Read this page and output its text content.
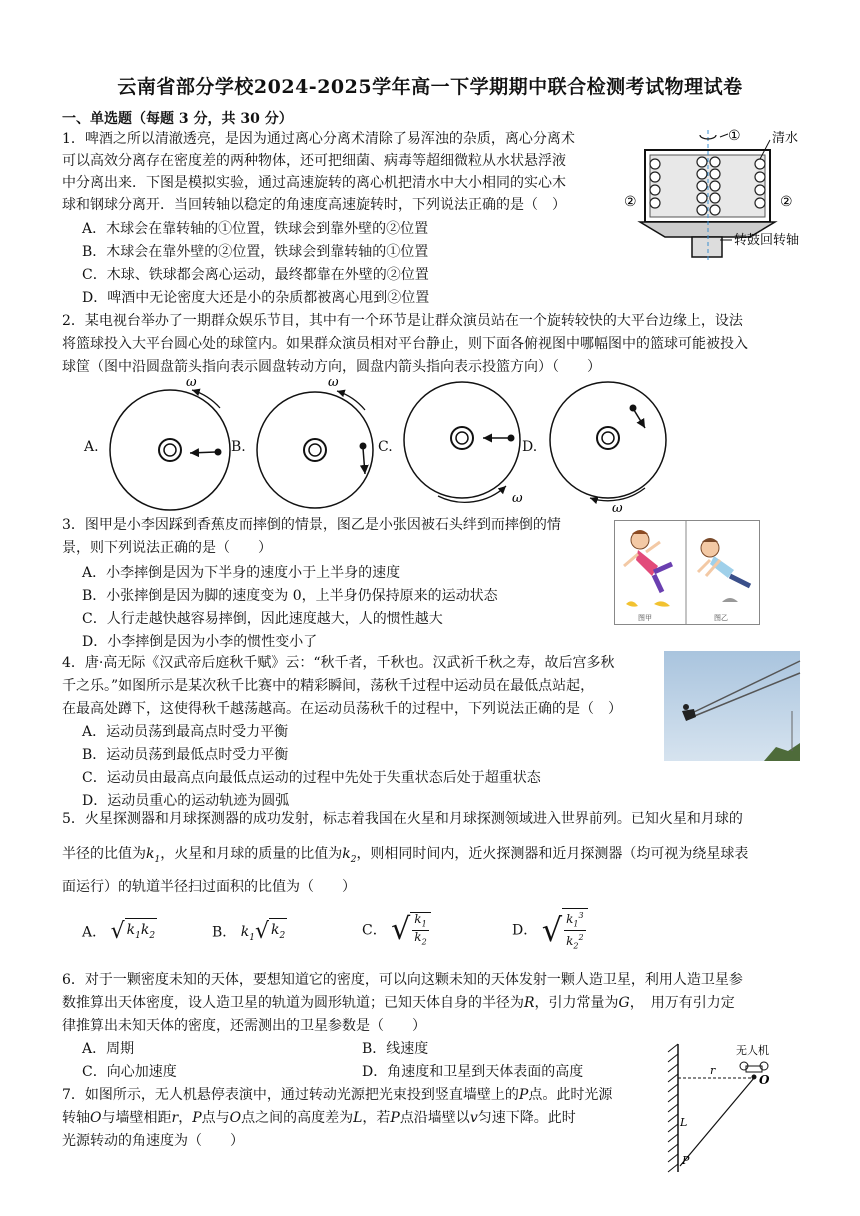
云南省部分学校2024-2025学年高一下学期期中联合检测考试物理试卷
一、单选题（每题 3 分，共 30 分）
1．啤酒之所以清澈透亮，是因为通过离心分离术清除了易浑浊的杂质，离心分离术
可以高效分离存在密度差的两种物体，还可把细菌、病毒等超细微粒从水状悬浮液
中分离出来．下图是模拟实验，通过高速旋转的离心机把清水中大小相同的实心木
球和钢球分离开．当回转轴以稳定的角速度高速旋转时，下列说法正确的是（　）
A．木球会在靠转轴的①位置，铁球会到靠外壁的②位置
B．木球会在靠外壁的②位置，铁球会到靠转轴的①位置
C．木球、铁球都会离心运动，最终都靠在外壁的②位置
D．啤酒中无论密度大还是小的杂质都被离心甩到②位置
① 清水
②	②
转鼓回转轴
2．某电视台举办了一期群众娱乐节目，其中有一个环节是让群众演员站在一个旋转较快的大平台边缘上，设法
将篮球投入大平台圆心处的球筐内。如果群众演员相对平台静止，则下面各俯视图中哪幅图中的篮球可能被投入
球筐（图中沿圆盘箭头指向表示圆盘转动方向，圆盘内箭头指向表示投篮方向）（　　）
A.	B.	C.	D.
ω	ω
ω
ω
3．图甲是小李因踩到香蕉皮而摔倒的情景，图乙是小张因被石头绊到而摔倒的情
景，则下列说法正确的是（　　）
A．小李摔倒是因为下半身的速度小于上半身的速度
B．小张摔倒是因为脚的速度变为 0，上半身仍保持原来的运动状态
C．人行走越快越容易摔倒，因此速度越大，人的惯性越大
D．小李摔倒是因为小李的惯性变小了
图甲	图乙
4．唐·高无际《汉武帝后庭秋千赋》云：“秋千者，千秋也。汉武祈千秋之寿，故后宫多秋
千之乐。”如图所示是某次秋千比赛中的精彩瞬间，荡秋千过程中运动员在最低点站起，
在最高处蹲下，这使得秋千越荡越高。在运动员荡秋千的过程中，下列说法正确的是（　）
A．运动员荡到最高点时受力平衡
B．运动员荡到最低点时受力平衡
C．运动员由最高点向最低点运动的过程中先处于失重状态后处于超重状态
D．运动员重心的运动轨迹为圆弧
5．火星探测器和月球探测器的成功发射，标志着我国在火星和月球探测领域进入世界前列。已知火星和月球的
半径的比值为$k_1$，火星和月球的质量的比值为$k_2$，则相同时间内，近火探测器和近月探测器（均可视为绕星球表
面运行）的轨道半径扫过面积的比值为（　　）
A． √ $k_1k_2$	B． $k_1$ √ $k_2$	C． √ $\frac{k_1}{k_2}$	D． √ $\frac{k_1^3}{k_2^2}$
6．对于一颗密度未知的天体，要想知道它的密度，可以向这颗未知的天体发射一颗人造卫星，利用人造卫星参
数推算出天体密度，设人造卫星的轨道为圆形轨道；已知天体自身的半径为R，引力常量为G，　用万有引力定
律推算出未知天体的密度，还需测出的卫星参数是（　　）
A．周期	B．线速度
C．向心加速度	D．角速度和卫星到天体表面的高度
7．如图所示，无人机悬停表演中，通过转动光源把光束投到竖直墙壁上的P点。此时光源
转轴O与墙壁相距r，P点与O点之间的高度差为L，若P点沿墙壁以v匀速下降。此时
光源转动的角速度为（　　）
无人机
r
O
L
P
